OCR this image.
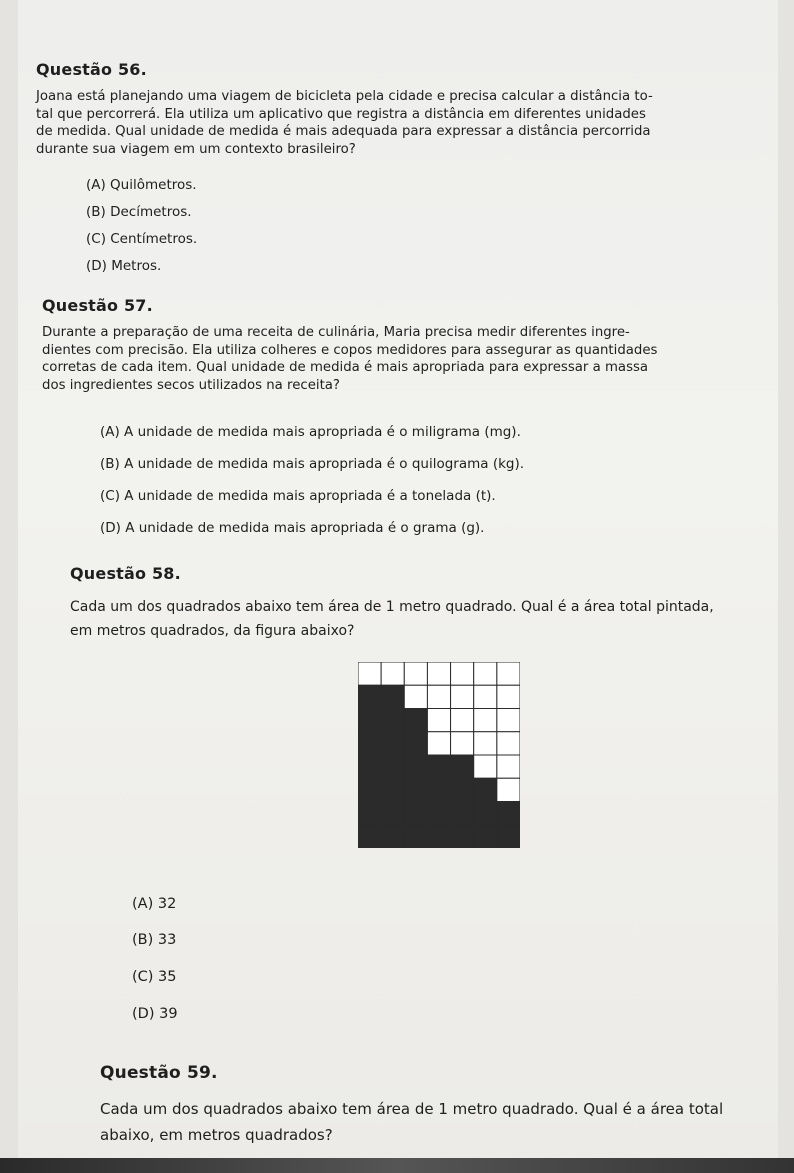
Questão 56.
Joana está planejando uma viagem de bicicleta pela cidade e precisa calcular a distância to-
tal que percorrerá. Ela utiliza um aplicativo que registra a distância em diferentes unidades
de medida. Qual unidade de medida é mais adequada para expressar a distância percorrida
durante sua viagem em um contexto brasileiro?
(A) Quilômetros.
(B) Decímetros.
(C) Centímetros.
(D) Metros.
Questão 57.
Durante a preparação de uma receita de culinária, Maria precisa medir diferentes ingre-
dientes com precisão. Ela utiliza colheres e copos medidores para assegurar as quantidades
corretas de cada item. Qual unidade de medida é mais apropriada para expressar a massa
dos ingredientes secos utilizados na receita?
(A) A unidade de medida mais apropriada é o miligrama (mg).
(B) A unidade de medida mais apropriada é o quilograma (kg).
(C) A unidade de medida mais apropriada é a tonelada (t).
(D) A unidade de medida mais apropriada é o grama (g).
Questão 58.
Cada um dos quadrados abaixo tem área de 1 metro quadrado. Qual é a área total pintada,
em metros quadrados, da figura abaixo?
(A) 32
(B) 33
(C) 35
(D) 39
Questão 59.
Cada um dos quadrados abaixo tem área de 1 metro quadrado. Qual é a área total
abaixo, em metros quadrados?
